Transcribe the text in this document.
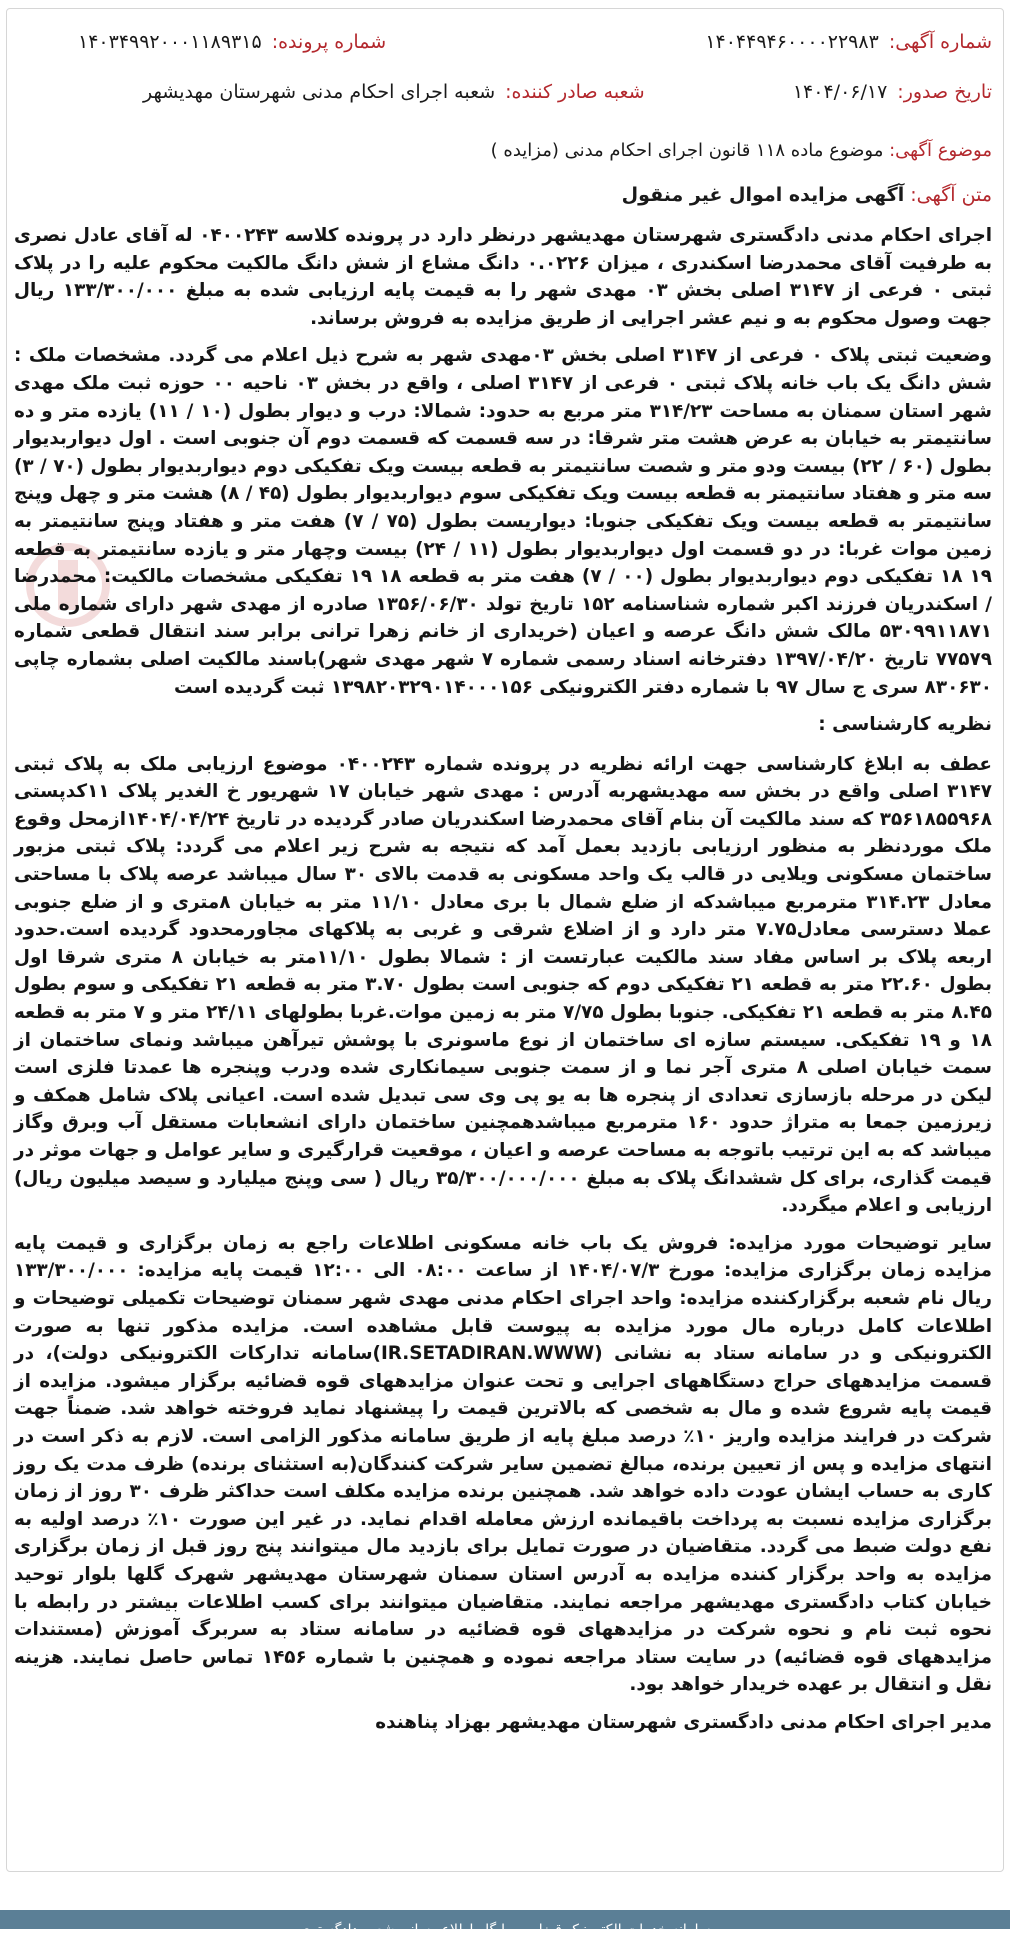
شماره آگهی:
۱۴۰۴۴۹۴۶۰۰۰۰۲۲۹۸۳
شماره پرونده:
۱۴۰۳۴۹۹۲۰۰۰۱۱۸۹۳۱۵
تاریخ صدور:
۱۴۰۴/۰۶/۱۷
شعبه صادر کننده:
شعبه اجرای احکام مدنی شهرستان مهدیشهر
موضوع آگهی: موضوع ماده ۱۱۸ قانون اجرای احکام مدنی (مزایده )
متن آگهی: آگهی مزایده اموال غیر منقول

اجرای احکام مدنی دادگستری شهرستان مهدیشهر درنظر دارد در پرونده کلاسه ۰۴۰۰۲۴۳ له آقای عادل نصری به طرفیت آقای محمدرضا اسکندری ، میزان ۰.۰۲۲۶ دانگ مشاع از شش دانگ مالکیت محکوم علیه را در پلاک ثبتی ۰ فرعی از ۳۱۴۷ اصلی بخش ۰۳ مهدی شهر را به قیمت پایه ارزیابی شده به مبلغ ۱۳۳/۳۰۰/۰۰۰ ریال جهت وصول محکوم به و نیم عشر اجرایی از طریق مزایده به فروش برساند.

وضعیت ثبتی پلاک ۰ فرعی از ۳۱۴۷ اصلی بخش ۰۳مهدی شهر به شرح ذیل اعلام می گردد. مشخصات ملک : شش دانگ یک باب خانه پلاک ثبتی ۰ فرعی از ۳۱۴۷ اصلی ، واقع در بخش ۰۳ ناحیه ۰۰ حوزه ثبت ملک مهدی شهر استان سمنان به مساحت ۳۱۴/۲۳ متر مربع به حدود: شمالا: درب و دیوار بطول (۱۰ / ۱۱) یازده متر و ده سانتیمتر به خیابان به عرض هشت متر شرقا: در سه قسمت که قسمت دوم آن جنوبی است . اول دیواربدیوار بطول (۶۰ / ۲۲) بیست ودو متر و شصت سانتیمتر به قطعه بیست ویک تفکیکی دوم دیواربدیوار بطول (۷۰ / ۳) سه متر و هفتاد سانتیمتر به قطعه بیست ویک تفکیکی سوم دیواربدیوار بطول (۴۵ / ۸) هشت متر و چهل وپنج سانتیمتر به قطعه بیست ویک تفکیکی جنوبا: دیواریست بطول (۷۵ / ۷) هفت متر و هفتاد وپنج سانتیمتر به زمین موات غربا: در دو قسمت اول دیواربدیوار بطول (۱۱ / ۲۴) بیست وچهار متر و یازده سانتیمتر به قطعه ۱۹ ۱۸ تفکیکی دوم دیواربدیوار بطول (۰۰ / ۷) هفت متر به قطعه ۱۸ ۱۹ تفکیکی مشخصات مالکیت: محمدرضا / اسکندریان فرزند اکبر شماره شناسنامه ۱۵۲ تاریخ تولد ۱۳۵۶/۰۶/۳۰ صادره از مهدی شهر دارای شماره ملی ۵۳۰۹۹۱۱۸۷۱ مالک شش دانگ عرصه و اعیان (خریداری از خانم زهرا ترانی برابر سند انتقال قطعی شماره ۷۷۵۷۹ تاریخ ۱۳۹۷/۰۴/۲۰ دفترخانه اسناد رسمی شماره ۷ شهر مهدی شهر)باسند مالکیت اصلی بشماره چاپی ۸۳۰۶۳۰ سری ج سال ۹۷ با شماره دفتر الکترونیکی ۱۳۹۸۲۰۳۲۹۰۱۴۰۰۰۱۵۶ ثبت گردیده است

نظریه کارشناسی :

عطف به ابلاغ کارشناسی جهت ارائه نظریه در پرونده شماره ۰۴۰۰۲۴۳ موضوع ارزیابی ملک به پلاک ثبتی ۳۱۴۷ اصلی واقع در بخش سه مهدیشهربه آدرس : مهدی شهر خیابان ۱۷ شهریور خ الغدیر پلاک ۱۱کدپستی ۳۵۶۱۸۵۵۹۶۸ که سند مالکیت آن بنام آقای محمدرضا اسکندریان صادر گردیده در تاریخ ۱۴۰۴/۰۴/۲۴ازمحل وقوع ملک موردنظر به منظور ارزیابی بازدید بعمل آمد که نتیجه به شرح زیر اعلام می گردد: پلاک ثبتی مزبور ساختمان مسکونی ویلایی در قالب یک واحد مسکونی به قدمت بالای ۳۰ سال میباشد عرصه پلاک با مساحتی معادل ۳۱۴.۲۳ مترمربع میباشدکه از ضلع شمال با بری معادل ۱۱/۱۰ متر به خیابان ۸متری و از ضلع جنوبی عملا دسترسی معادل۷.۷۵ متر دارد و از اضلاع شرقی و غربی به پلاکهای مجاورمحدود گردیده است.حدود اربعه پلاک بر اساس مفاد سند مالکیت عبارتست از : شمالا بطول ۱۱/۱۰متر به خیابان ۸ متری شرقا اول بطول ۲۲.۶۰ متر به قطعه ۲۱ تفکیکی دوم که جنوبی است بطول ۳.۷۰ متر به قطعه ۲۱ تفکیکی و سوم بطول ۸.۴۵ متر به قطعه ۲۱ تفکیکی. جنوبا بطول ۷/۷۵ متر به زمین موات.غربا بطولهای ۲۴/۱۱ متر و ۷ متر به قطعه ۱۸ و ۱۹ تفکیکی. سیستم سازه ای ساختمان از نوع ماسونری با پوشش تیرآهن میباشد ونمای ساختمان از سمت خیابان اصلی ۸ متری آجر نما و از سمت جنوبی سیمانکاری شده ودرب وپنجره ها عمدتا فلزی است لیکن در مرحله بازسازی تعدادی از پنجره ها به یو پی وی سی تبدیل شده است. اعیانی پلاک شامل همکف و زیرزمین جمعا به متراژ حدود ۱۶۰ مترمربع میباشدهمچنین ساختمان دارای انشعابات مستقل آب وبرق وگاز میباشد که به این ترتیب باتوجه به مساحت عرصه و اعیان ، موقعیت قرارگیری و سایر عوامل و جهات موثر در قیمت گذاری، برای کل ششدانگ پلاک به مبلغ ۳۵/۳۰۰/۰۰۰/۰۰۰ ریال ( سی وپنج میلیارد و سیصد میلیون ریال) ارزیابی و اعلام میگردد.

سایر توضیحات مورد مزایده: فروش یک باب خانه مسکونی اطلاعات راجع به زمان برگزاری و قیمت پایه مزایده زمان برگزاری مزایده: مورخ ۱۴۰۴/۰۷/۳ از ساعت ۰۸:۰۰ الی ۱۲:۰۰ قیمت پایه مزایده: ۱۳۳/۳۰۰/۰۰۰ ریال نام شعبه برگزارکننده مزایده: واحد اجرای احکام مدنی مهدی شهر سمنان توضیحات تکمیلی توضیحات و اطلاعات کامل درباره مال مورد مزایده به پیوست قابل مشاهده است. مزایده مذکور تنها به صورت الکترونیکی و در سامانه ستاد به نشانی (IR.SETADIRAN.WWW)سامانه تدارکات الکترونیکی دولت)، در قسمت مزایدههای حراج دستگاههای اجرایی و تحت عنوان مزایدههای قوه قضائیه برگزار میشود. مزایده از قیمت پایه شروع شده و مال به شخصی که بالاترین قیمت را پیشنهاد نماید فروخته خواهد شد. ضمناً جهت شرکت در فرایند مزایده واریز ۱۰٪ درصد مبلغ پایه از طریق سامانه مذکور الزامی است. لازم به ذکر است در انتهای مزایده و پس از تعیین برنده، مبالغ تضمین سایر شرکت کنندگان(به استثنای برنده) ظرف مدت یک روز کاری به حساب ایشان عودت داده خواهد شد. همچنین برنده مزایده مکلف است حداکثر ظرف ۳۰ روز از زمان برگزاری مزایده نسبت به پرداخت باقیمانده ارزش معامله اقدام نماید. در غیر این صورت ۱۰٪ درصد اولیه به نفع دولت ضبط می گردد. متقاضیان در صورت تمایل برای بازدید مال میتوانند پنج روز قبل از زمان برگزاری مزایده به واحد برگزار کننده مزایده به آدرس استان سمنان شهرستان مهدیشهر شهرک گلها بلوار توحید خیابان کتاب دادگستری مهدیشهر مراجعه نمایند. متقاضیان میتوانند برای کسب اطلاعات بیشتر در رابطه با نحوه ثبت نام و نحوه شرکت در مزایدههای قوه قضائیه در سامانه ستاد به سربرگ آموزش (مستندات مزایدههای قوه قضائیه) در سایت ستاد مراجعه نموده و همچنین با شماره ۱۴۵۶ تماس حاصل نمایند. هزینه نقل و انتقال بر عهده خریدار خواهد بود.

مدیر اجرای احکام مدنی دادگستری شهرستان مهدیشهر بهزاد پناهنده

سامانه خدمات الکترونیک قضایی - پایگاه اطلاع رسانی شعب دادگستری
